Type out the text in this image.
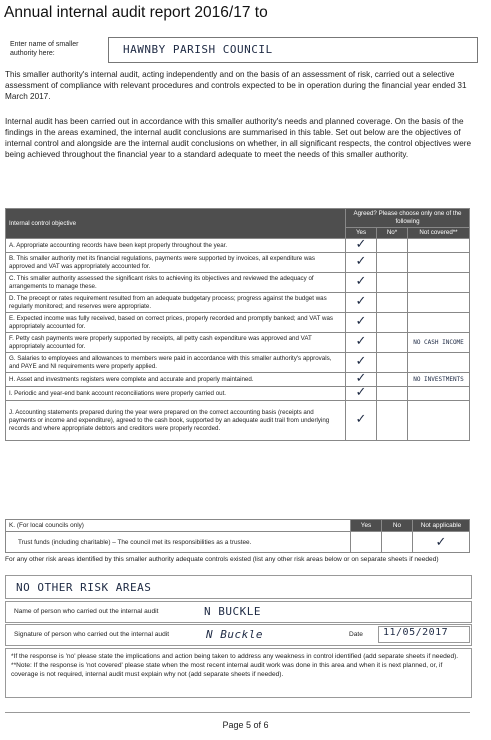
Annual internal audit report 2016/17 to
Enter name of smaller authority here:	HAWNBY PARISH COUNCIL
This smaller authority's internal audit, acting independently and on the basis of an assessment of risk, carried out a selective assessment of compliance with relevant procedures and controls expected to be in operation during the financial year ended 31 March 2017.
Internal audit has been carried out in accordance with this smaller authority's needs and planned coverage. On the basis of the findings in the areas examined, the internal audit conclusions are summarised in this table. Set out below are the objectives of internal control and alongside are the internal audit conclusions on whether, in all significant respects, the control objectives were being achieved throughout the financial year to a standard adequate to meet the needs of this smaller authority.
Internal control objective	Agreed? Please choose only one of the following		
	Yes	No*	Not covered**
A. Appropriate accounting records have been kept properly throughout the year.	✓		
B. This smaller authority met its financial regulations, payments were supported by invoices, all expenditure was approved and VAT was appropriately accounted for.	✓		
C. This smaller authority assessed the significant risks to achieving its objectives and reviewed the adequacy of arrangements to manage these.	✓		
D. The precept or rates requirement resulted from an adequate budgetary process; progress against the budget was regularly monitored; and reserves were appropriate.	✓		
E. Expected income was fully received, based on correct prices, properly recorded and promptly banked; and VAT was appropriately accounted for.	✓		
F. Petty cash payments were properly supported by receipts, all petty cash expenditure was approved and VAT appropriately accounted for.	✓		NO CASH INCOME
G. Salaries to employees and allowances to members were paid in accordance with this smaller authority's approvals, and PAYE and NI requirements were properly applied.	✓		
H. Asset and investments registers were complete and accurate and properly maintained.	✓		NO INVESTMENTS
I. Periodic and year-end bank account reconciliations were properly carried out.	✓		
J. Accounting statements prepared during the year were prepared on the correct accounting basis (receipts and payments or income and expenditure), agreed to the cash book, supported by an adequate audit trail from underlying records and where appropriate debtors and creditors were properly recorded.	✓		
K. (For local councils only)	Yes	No	Not applicable
Trust funds (including charitable) – The council met its responsibilities as a trustee.			✓
For any other risk areas identified by this smaller authority adequate controls existed (list any other risk areas below or on separate sheets if needed)
NO OTHER RISK AREAS
Name of person who carried out the internal audit	N BUCKLE
Signature of person who carried out the internal audit	N Buckle	Date	11/05/2017
*If the response is 'no' please state the implications and action being taken to address any weakness in control identified (add separate sheets if needed).
**Note: If the response is 'not covered' please state when the most recent internal audit work was done in this area and when it is next planned, or, if coverage is not required, internal audit must explain why not (add separate sheets if needed).
Page 5 of 6
